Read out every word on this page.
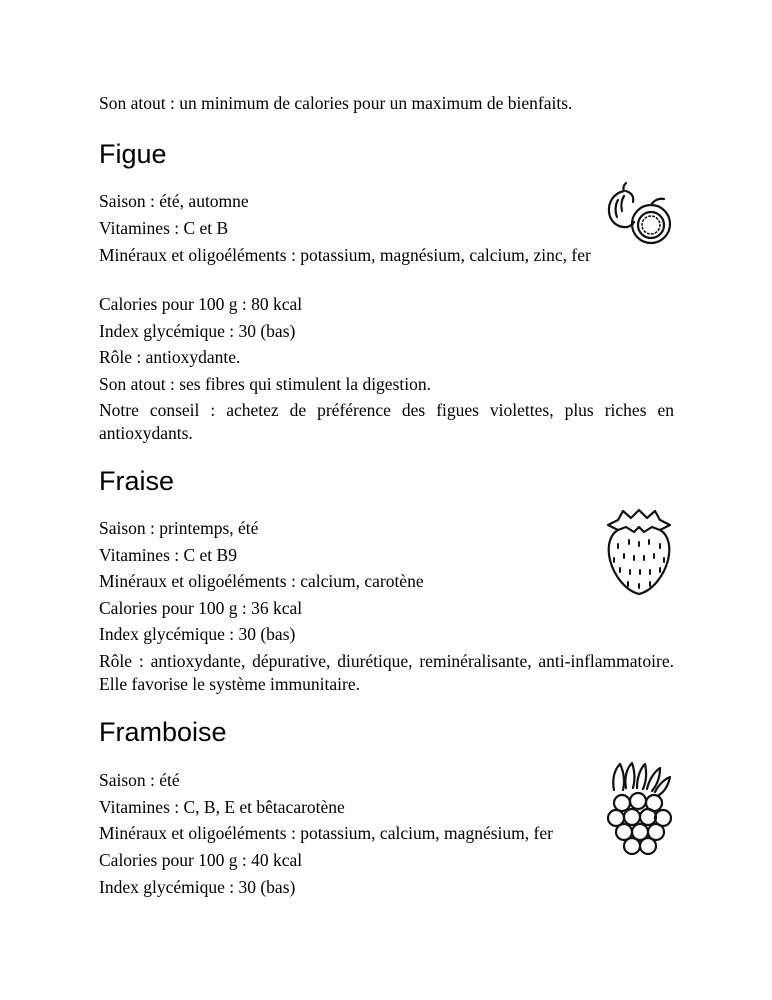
Son atout : un minimum de calories pour un maximum de bienfaits.

Figue

Saison : été, automne

Vitamines : C et B

Minéraux et oligoéléments : potassium, magnésium, calcium, zinc, fer

Calories pour 100 g : 80 kcal

Index glycémique : 30 (bas)

Rôle : antioxydante.

Son atout : ses fibres qui stimulent la digestion.

Notre conseil : achetez de préférence des figues violettes, plus riches en antioxydants.

Fraise

Saison : printemps, été

Vitamines : C et B9

Minéraux et oligoéléments : calcium, carotène

Calories pour 100 g : 36 kcal

Index glycémique : 30 (bas)

Rôle : antioxydante, dépurative, diurétique, reminéralisante, anti-inflammatoire. Elle favorise le système immunitaire.

Framboise

Saison : été

Vitamines : C, B, E et bêtacarotène

Minéraux et oligoéléments : potassium, calcium, magnésium, fer

Calories pour 100 g : 40 kcal

Index glycémique : 30 (bas)
